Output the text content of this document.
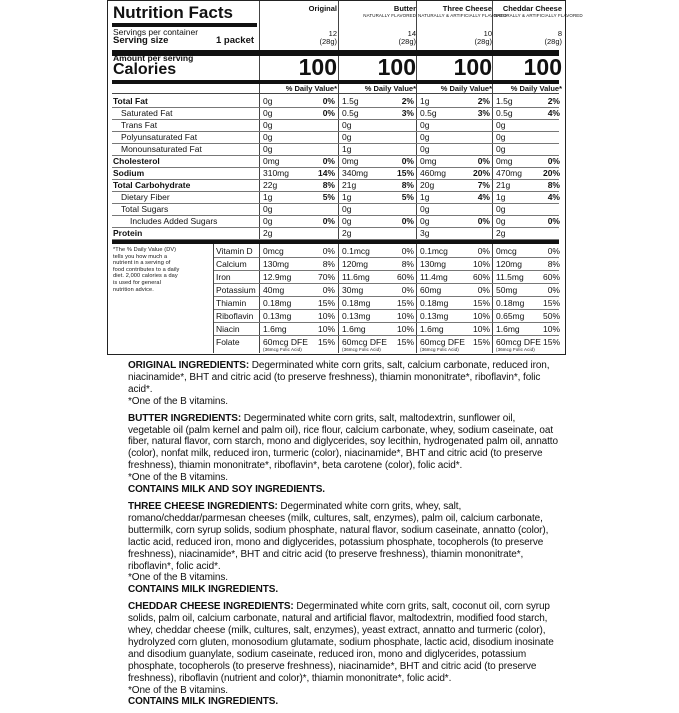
Nutrition Facts
Servings per container
Serving size	1 packet
Amount per serving
Calories
*The % Daily Value (DV) tells you how much a nutrient in a serving of food contributes to a daily diet. 2,000 calories a day is used for general nutrition advice.
Original
12
(28g)
100
% Daily Value*
Butter
NATURALLY FLAVORED
14
(28g)
100
% Daily Value*
Three Cheese
NATURALLY & ARTIFICIALLY FLAVORED
10
(28g)
100
% Daily Value*
Cheddar Cheese
NATURALLY & ARTIFICIALLY FLAVORED
8
(28g)
100
% Daily Value*
Total Fat	0g	0% 1.5g	2% 1g	2% 1.5g	2%
Saturated Fat	0g	0% 0.5g	3% 0.5g	3% 0.5g	4%
Trans Fat	0g	0g	0g	0g
Polyunsaturated Fat	0g	0g	0g	0g
Monounsaturated Fat	0g	1g	0g	0g
Cholesterol	0mg	0% 0mg	0% 0mg	0% 0mg	0%
Sodium	310mg	14% 340mg	15% 460mg	20% 470mg	20%
Total Carbohydrate	22g	8% 21g	8% 20g	7% 21g	8%
Dietary Fiber	1g	5% 1g	5% 1g	4% 1g	4%
Total Sugars	0g	0g	0g	0g
Includes Added Sugars	0g	0% 0g	0% 0g	0% 0g	0%
Protein	2g	2g	3g	2g
Vitamin D 0mcg	0% 0.1mcg	0% 0.1mcg	0% 0mcg	0%
Calcium 130mg	8% 120mg	8% 130mg	10% 120mg	8%
Iron	12.9mg	70% 11.6mg	60% 11.4mg	60% 11.5mg	60%
Potassium 40mg	0% 30mg	0% 60mg	0% 50mg	0%
Thiamin 0.18mg	15% 0.18mg	15% 0.18mg	15% 0.18mg	15%
Riboflavin 0.13mg	10% 0.13mg	10% 0.13mg	10% 0.65mg	50%
Niacin	1.6mg	10% 1.6mg	10% 1.6mg	10% 1.6mg	10%
Folate	60mcg DFE	15% 60mcg DFE	15% 60mcg DFE 15% 60mcg DFE 15%
(36mcg Folic Acid)	(36mcg Folic Acid)	(36mcg Folic Acid)	(36mcg Folic Acid)

ORIGINAL INGREDIENTS: Degerminated white corn grits, salt, calcium carbonate, reduced iron, niacinamide*, BHT and citric acid (to preserve freshness), thiamin mononitrate*, riboflavin*, folic acid*.
*One of the B vitamins.

BUTTER INGREDIENTS: Degerminated white corn grits, salt, maltodextrin, sunflower oil, vegetable oil (palm kernel and palm oil), rice flour, calcium carbonate, whey, sodium caseinate, oat fiber, natural flavor, corn starch, mono and diglycerides, soy lecithin, hydrogenated palm oil, annatto (color), nonfat milk, reduced iron, turmeric (color), niacinamide*, BHT and citric acid (to preserve freshness), thiamin mononitrate*, riboflavin*, beta carotene (color), folic acid*.
*One of the B vitamins.
CONTAINS MILK AND SOY INGREDIENTS.

THREE CHEESE INGREDIENTS: Degerminated white corn grits, whey, salt, romano/cheddar/parmesan cheeses (milk, cultures, salt, enzymes), palm oil, calcium carbonate, buttermilk, corn syrup solids, sodium phosphate, natural flavor, sodium caseinate, annatto (color), lactic acid, reduced iron, mono and diglycerides, potassium phosphate, tocopherols (to preserve freshness), niacinamide*, BHT and citric acid (to preserve freshness), thiamin mononitrate*, riboflavin*, folic acid*.
*One of the B vitamins.
CONTAINS MILK INGREDIENTS.

CHEDDAR CHEESE INGREDIENTS: Degerminated white corn grits, salt, coconut oil, corn syrup solids, palm oil, calcium carbonate, natural and artificial flavor, maltodextrin, modified food starch, whey, cheddar cheese (milk, cultures, salt, enzymes), yeast extract, annatto and turmeric (color), hydrolyzed corn gluten, monosodium glutamate, sodium phosphate, lactic acid, disodium inosinate and disodium guanylate, sodium caseinate, reduced iron, mono and diglycerides, potassium phosphate, tocopherols (to preserve freshness), niacinamide*, BHT and citric acid (to preserve freshness), riboflavin (nutrient and color)*, thiamin mononitrate*, folic acid*.
*One of the B vitamins.
CONTAINS MILK INGREDIENTS.
